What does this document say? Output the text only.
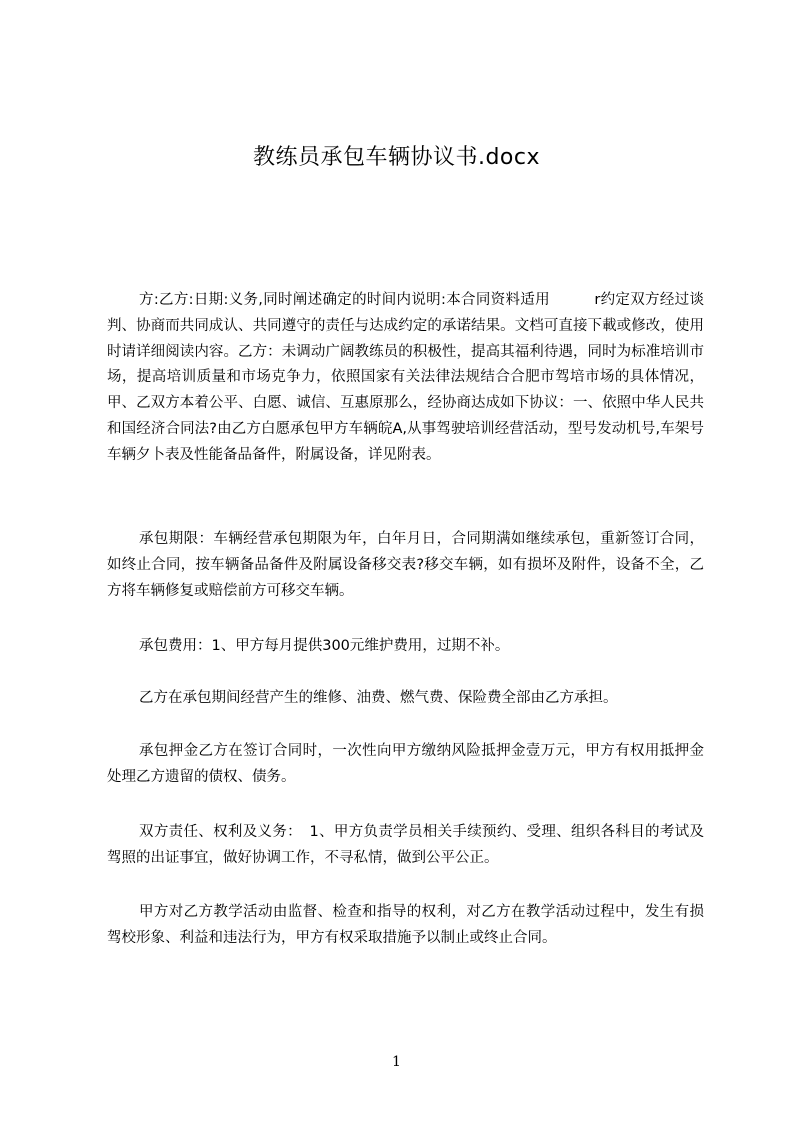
教练员承包车辆协议书.docx

方:乙方:日期:义务,同时阐述确定的时间内说明:本合同资料适用　　　r约定双方经过谈判、协商而共同成认、共同遵守的责任与达成约定的承诺结果。文档可直接下載或修改，使用时请详细阅读内容。乙方：未调动广阔教练员的积极性，提高其福利待遇，同时为标准培训市场，提高培训质量和市场克争力，依照国家有关法律法规结合合肥市驾培市场的具体情况，甲、乙双方本着公平、白愿、诚信、互惠原那么，经协商达成如下协议：一、依照中华人民共和国经济合同法?由乙方白愿承包甲方车辆皖A,从事驾驶培训经营活动，型号发动机号,车架号车辆夕卜表及性能备品备件，附属设备，详见附表。

承包期限：车辆经营承包期限为年，白年月日，合同期满如继续承包，重新签订合同，如终止合同，按车辆备品备件及附属设备移交表?移交车辆，如有损坏及附件，设备不全，乙方将车辆修复或赔偿前方可移交车辆。

承包费用：1、甲方每月提供300元维护费用，过期不补。

乙方在承包期间经营产生的维修、油费、燃气费、保险费全部由乙方承担。

承包押金乙方在签订合同时，一次性向甲方缴纳风险抵押金壹万元，甲方有权用抵押金处理乙方遗留的债权、债务。

双方责任、权利及义务：　1、甲方负责学员相关手续预约、受理、组织各科目的考试及驾照的出证事宜，做好协调工作，不寻私情，做到公平公正。

甲方对乙方教学活动由监督、检查和指导的权利，对乙方在教学活动过程中，发生有损驾校形象、利益和违法行为，甲方有权采取措施予以制止或终止合同。

1
